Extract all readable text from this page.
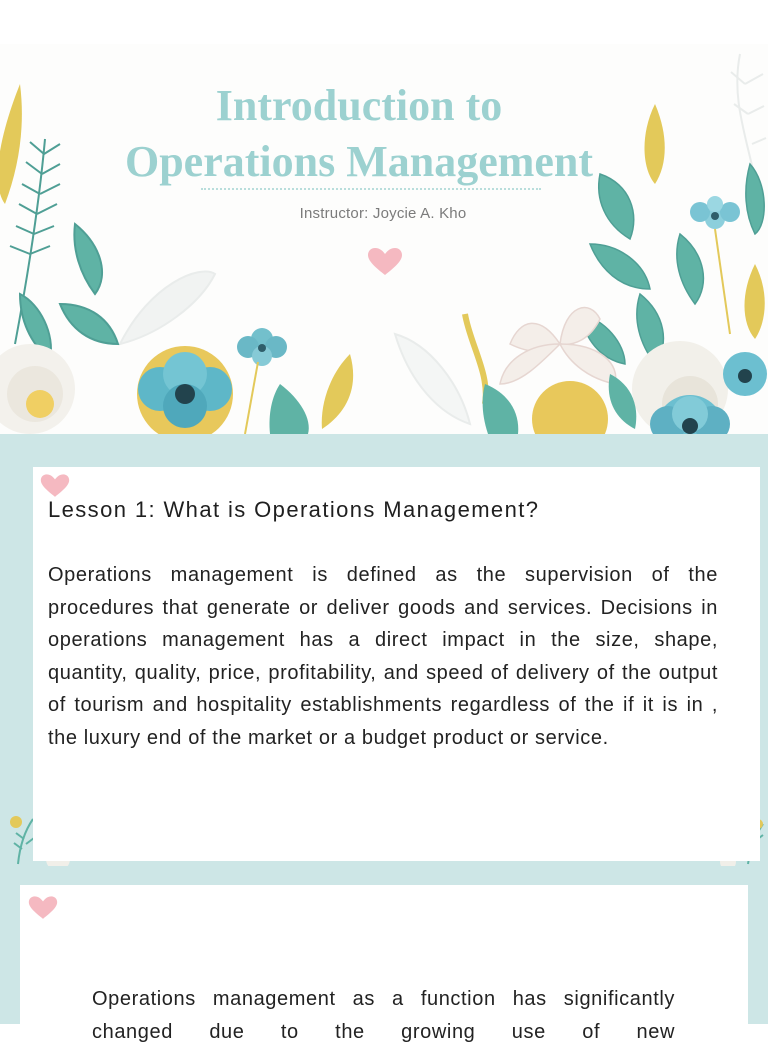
Introduction to
Operations Management
Instructor: Joycie A. Kho
Lesson 1: What is Operations Management?

Operations management is defined as the supervision of the procedures that generate or deliver goods and services. Decisions in operations management has a direct impact in the size, shape, quantity, quality, price, profitability, and speed of delivery of the output of tourism and hospitality establishments regardless of the if it is in , the luxury end of the market or a budget product or service.

Operations management as a function has significantly changed due to the growing use of new
